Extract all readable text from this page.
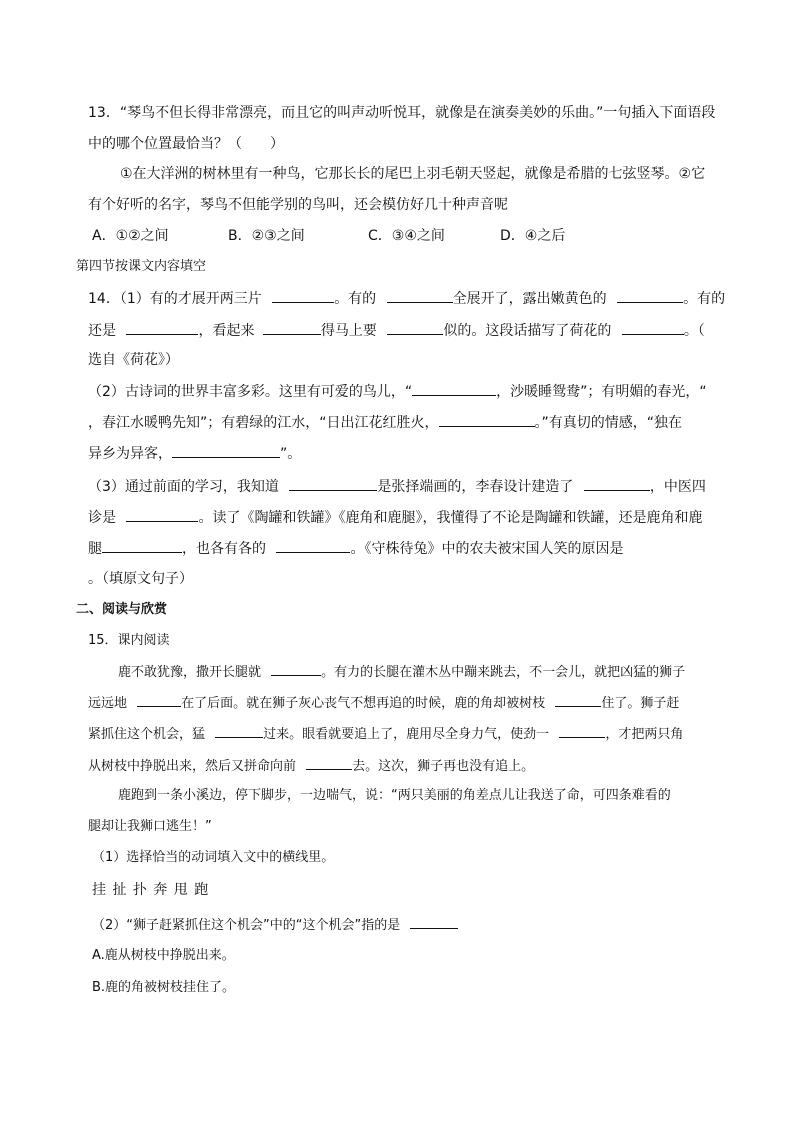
13．“琴鸟不但长得非常漂亮，而且它的叫声动听悦耳，就像是在演奏美妙的乐曲。”一句插入下面语段
中的哪个位置最恰当？（　　）
①在大洋洲的树林里有一种鸟，它那长长的尾巴上羽毛朝天竖起，就像是希腊的七弦竖琴。②它
有个好听的名字，琴鸟不但能学别的鸟叫，还会模仿好几十种声音呢
A．①②之间	B．②③之间	C．③④之间	D．④之后
第四节按课文内容填空
14．（1）有的才展开两三片	。有的	全展开了，露出嫩黄色的	。有的
还是	，看起来	得马上要	似的。这段话描写了荷花的	。（
选自《荷花》）
（2）古诗词的世界丰富多彩。这里有可爱的鸟儿，“	，沙暖睡鸳鸯”；有明媚的春光，“
，春江水暖鸭先知”；有碧绿的江水，“日出江花红胜火，	。”有真切的情感，“独在
异乡为异客，	”。
（3）通过前面的学习，我知道	是张择端画的，李春设计建造了	，中医四
诊是	。读了《陶罐和铁罐》《鹿角和鹿腿》，我懂得了不论是陶罐和铁罐，还是鹿角和鹿
腿	，也各有各的	。《守株待兔》中的农夫被宋国人笑的原因是
。（填原文句子）
二、阅读与欣赏
15．课内阅读
鹿不敢犹豫，撒开长腿就	。有力的长腿在灌木丛中蹦来跳去，不一会儿，就把凶猛的狮子
远远地	在了后面。就在狮子灰心丧气不想再追的时候，鹿的角却被树枝	住了。狮子赶
紧抓住这个机会，猛	过来。眼看就要追上了，鹿用尽全身力气，使劲一	，才把两只角
从树枝中挣脱出来，然后又拼命向前	去。这次，狮子再也没有追上。
鹿跑到一条小溪边，停下脚步，一边喘气，说：“两只美丽的角差点儿让我送了命，可四条难看的
腿却让我狮口逃生！”
（1）选择恰当的动词填入文中的横线里。
挂 扯 扑 奔 甩 跑
（2）“狮子赶紧抓住这个机会”中的“这个机会”指的是
A.鹿从树枝中挣脱出来。
B.鹿的角被树枝挂住了。
